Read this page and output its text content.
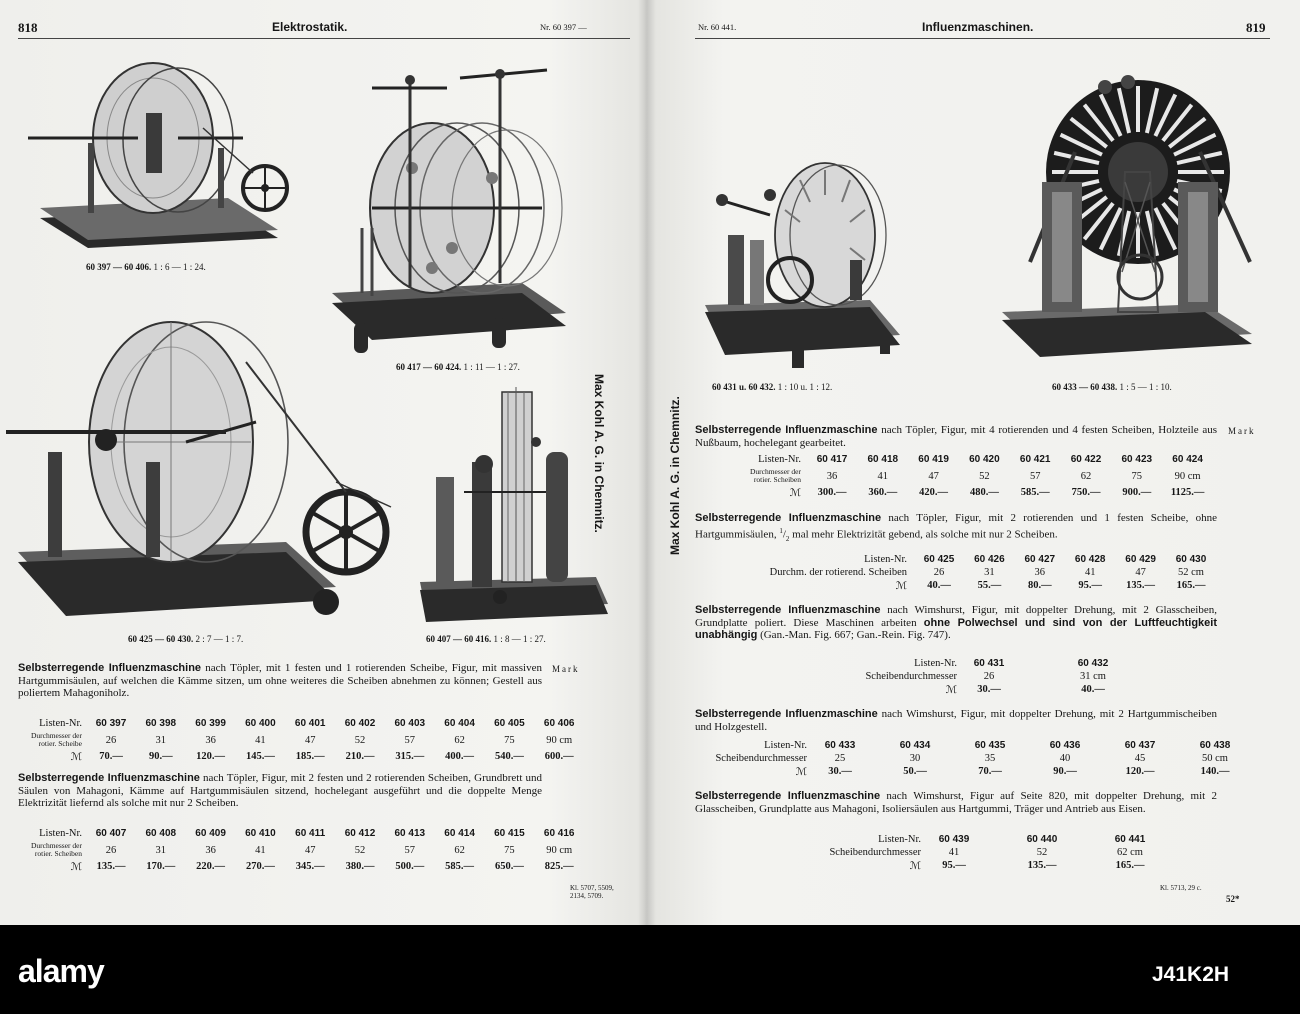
818	Elektrostatik.	Nr. 60 397 —	Nr. 60 441.	Influenzmaschinen.	819
60 397 — 60 406. 1 : 6 — 1 : 24.
60 417 — 60 424. 1 : 11 — 1 : 27.
60 425 — 60 430. 2 : 7 — 1 : 7.	60 407 — 60 416. 1 : 8 — 1 : 27.
Max Kohl A. G. in Chemnitz.	Max Kohl A. G. in Chemnitz.
Mark
Selbsterregende Influenzmaschine nach Töpler, mit 1 festen und 1 rotierenden Scheibe, Figur, mit massiven Hartgummisäulen, auf welchen die Kämme sitzen, um ohne weiteres die Scheiben abnehmen zu können; Gestell aus poliertem Mahagoniholz.
Listen-Nr.	60 397	60 398	60 399	60 400	60 401	60 402	60 403	60 404	60 405	60 406
Durchmesser der
rotier. Scheibe	26	31	36	41	47	52	57	62	75	90 cm
ℳ	70.—	90.—	120.—	145.—	185.—	210.—	315.—	400.—	540.—	600.—
Selbsterregende Influenzmaschine nach Töpler, Figur, mit 2 festen und 2 rotierenden Scheiben, Grundbrett und Säulen von Mahagoni, Kämme auf Hartgummisäulen sitzend, hochelegant ausgeführt und die doppelte Menge Elektrizität liefernd als solche mit nur 2 Scheiben.
Listen-Nr.	60 407	60 408	60 409	60 410	60 411	60 412	60 413	60 414	60 415	60 416
Durchmesser der
rotier. Scheiben	26	31	36	41	47	52	57	62	75	90 cm
ℳ	135.—	170.—	220.—	270.—	345.—	380.—	500.—	585.—	650.—	825.—
Kl. 5707, 5509,
2134, 5709.
60 431 u. 60 432. 1 : 10 u. 1 : 12.	60 433 — 60 438. 1 : 5 — 1 : 10.
Mark
Selbsterregende Influenzmaschine nach Töpler, Figur, mit 4 rotierenden und 4 festen Scheiben, Holzteile aus Nußbaum, hochelegant gearbeitet.
Listen-Nr.	60 417	60 418	60 419	60 420	60 421	60 422	60 423	60 424
Durchmesser der
rotier. Scheiben	36	41	47	52	57	62	75	90 cm
ℳ	300.—	360.—	420.—	480.—	585.—	750.—	900.—	1125.—
Selbsterregende Influenzmaschine nach Töpler, Figur, mit 2 rotierenden und 1 festen Scheibe, ohne Hartgummisäulen, $^1/_2$ mal mehr Elektrizität gebend, als solche mit nur 2 Scheiben.
Listen-Nr.	60 425	60 426	60 427	60 428	60 429	60 430
Durchm. der rotierend. Scheiben	26	31	36	41	47	52 cm
ℳ	40.—	55.—	80.—	95.—	135.—	165.—
Selbsterregende Influenzmaschine nach Wimshurst, Figur, mit doppelter Drehung, mit 2 Glasscheiben, Grundplatte poliert. Diese Maschinen arbeiten ohne Polwechsel und sind von der Luftfeuchtigkeit unabhängig (Gan.-Man. Fig. 667; Gan.-Rein. Fig. 747).
Listen-Nr.	60 431	60 432
Scheibendurchmesser	26	31 cm
ℳ	30.—	40.—
Selbsterregende Influenzmaschine nach Wimshurst, Figur, mit doppelter Drehung, mit 2 Hartgummischeiben und Holzgestell.
Listen-Nr.	60 433	60 434	60 435	60 436	60 437	60 438
Scheibendurchmesser	25	30	35	40	45	50 cm
ℳ	30.—	50.—	70.—	90.—	120.—	140.—
Selbsterregende Influenzmaschine nach Wimshurst, Figur auf Seite 820, mit doppelter Drehung, mit 2 Glasscheiben, Grundplatte aus Mahagoni, Isoliersäulen aus Hartgummi, Träger und Antrieb aus Eisen.
Listen-Nr.	60 439	60 440	60 441
Scheibendurchmesser	41	52	62 cm
ℳ	95.—	135.—	165.—
Kl. 5713, 29 c.
52*
alamy	J41K2H
